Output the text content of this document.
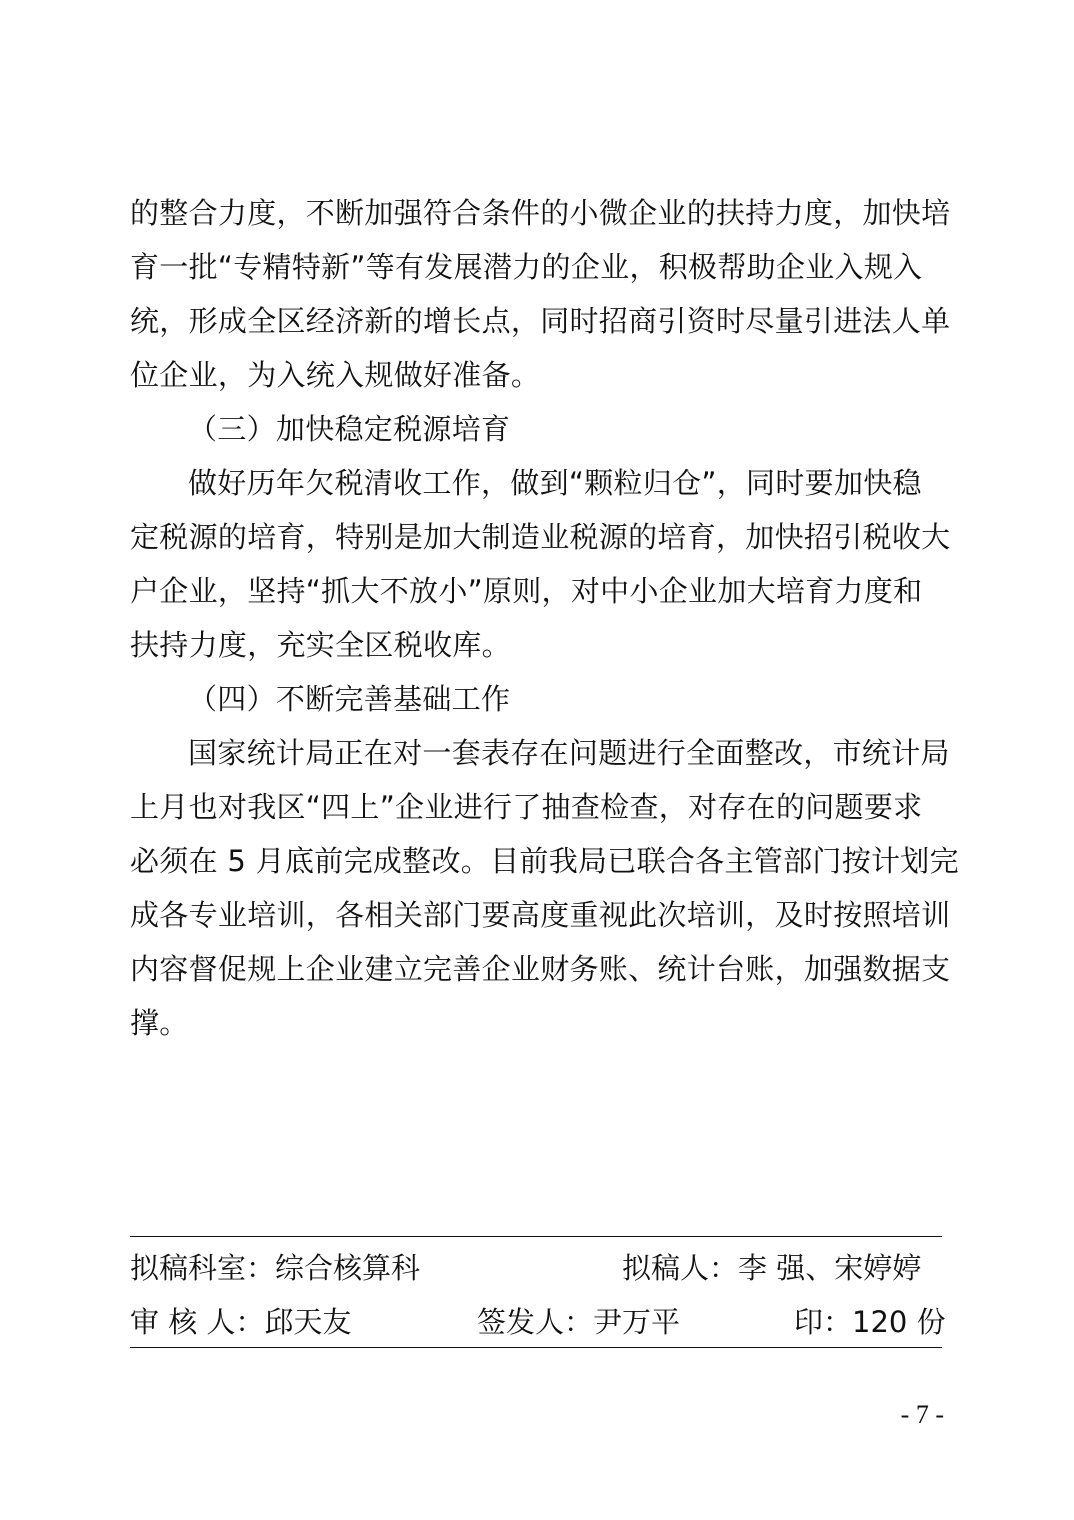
的整合力度，不断加强符合条件的小微企业的扶持力度，加快培
育一批“专精特新”等有发展潜力的企业，积极帮助企业入规入
统，形成全区经济新的增长点，同时招商引资时尽量引进法人单
位企业，为入统入规做好准备。
（三）加快稳定税源培育
做好历年欠税清收工作，做到“颗粒归仓”，同时要加快稳
定税源的培育，特别是加大制造业税源的培育，加快招引税收大
户企业，坚持“抓大不放小”原则，对中小企业加大培育力度和
扶持力度，充实全区税收库。
（四）不断完善基础工作
国家统计局正在对一套表存在问题进行全面整改，市统计局
上月也对我区“四上”企业进行了抽查检查，对存在的问题要求
必须在 5 月底前完成整改。目前我局已联合各主管部门按计划完
成各专业培训，各相关部门要高度重视此次培训，及时按照培训
内容督促规上企业建立完善企业财务账、统计台账，加强数据支
撑。
拟稿科室：综合核算科	拟稿人：李 强、宋婷婷
审 核 人：邱天友	签发人：尹万平	印：120 份
- 7 -
